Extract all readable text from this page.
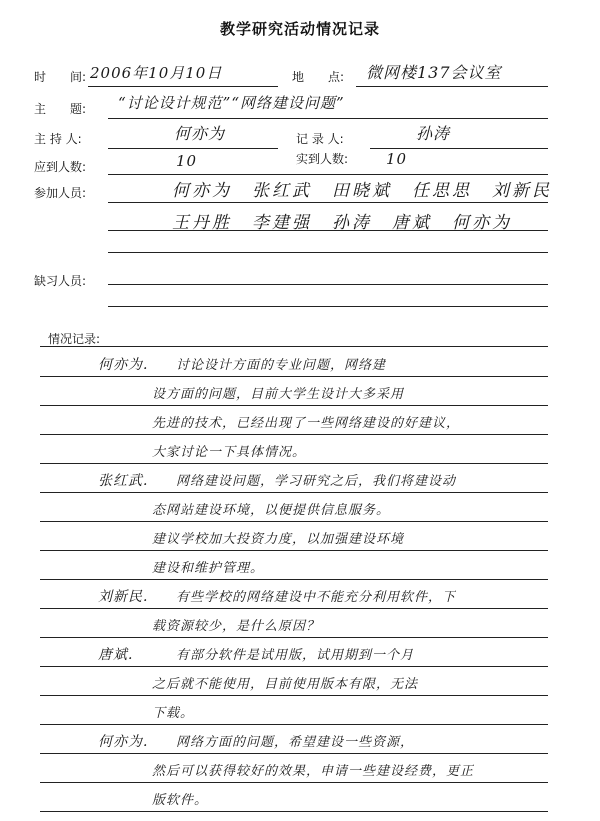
教学研究活动情况记录
时　　间: 2006年10月10日	地　　点: 微网楼137会议室
主　　题: “讨论设计规范”“网络建设问题”
主 持 人:	何亦为	记 录 人:	孙涛
应到人数:	10	实到人数:	10
参加人员:	何亦为　张红武　田晓斌　任思思　刘新民
王丹胜　李建强　孙涛　唐斌　何亦为
缺习人员:
情况记录:
何亦为. 讨论设计方面的专业问题，网络建
设方面的问题，目前大学生设计大多采用
先进的技术，已经出现了一些网络建设的好建议，
大家讨论一下具体情况。
张红武. 网络建设问题，学习研究之后，我们将建设动
态网站建设环境，以便提供信息服务。
建议学校加大投资力度，以加强建设环境
建设和维护管理。
刘新民. 有些学校的网络建设中不能充分利用软件，下
载资源较少，是什么原因？
唐斌.	有部分软件是试用版，试用期到一个月
之后就不能使用，目前使用版本有限，无法
下载。
何亦为. 网络方面的问题，希望建设一些资源，
然后可以获得较好的效果，申请一些建设经费，更正
版软件。
